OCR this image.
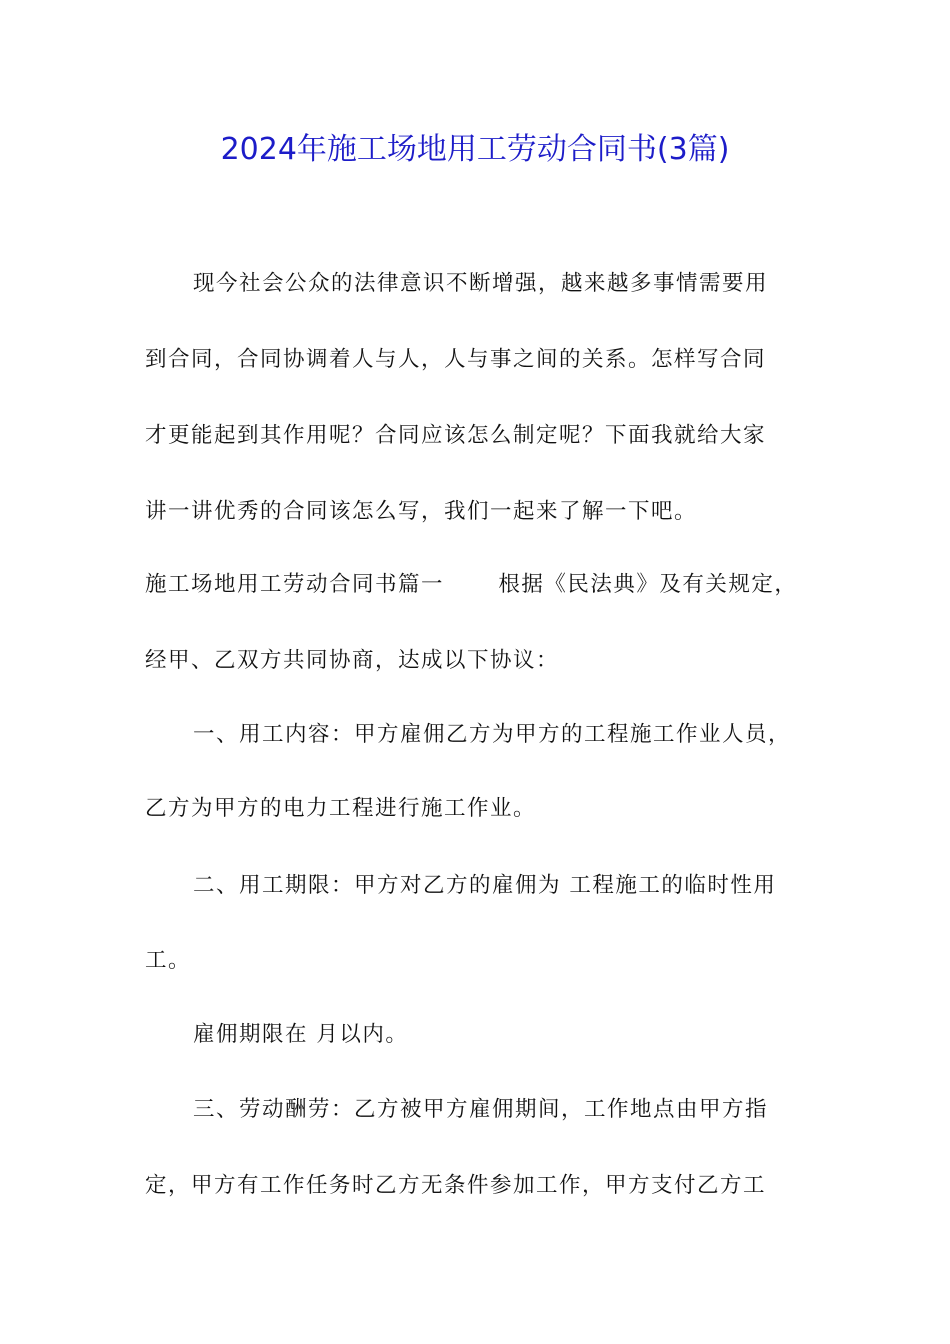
2024年施工场地用工劳动合同书(3篇)
现今社会公众的法律意识不断增强，越来越多事情需要用
到合同，合同协调着人与人，人与事之间的关系。怎样写合同
才更能起到其作用呢？合同应该怎么制定呢？下面我就给大家
讲一讲优秀的合同该怎么写，我们一起来了解一下吧。
施工场地用工劳动合同书篇一　　 根据《民法典》及有关规定，
经甲、乙双方共同协商，达成以下协议：
一、用工内容：甲方雇佣乙方为甲方的工程施工作业人员，
乙方为甲方的电力工程进行施工作业。
二、用工期限：甲方对乙方的雇佣为 工程施工的临时性用
工。
雇佣期限在 月以内。
三、劳动酬劳：乙方被甲方雇佣期间，工作地点由甲方指
定，甲方有工作任务时乙方无条件参加工作，甲方支付乙方工
